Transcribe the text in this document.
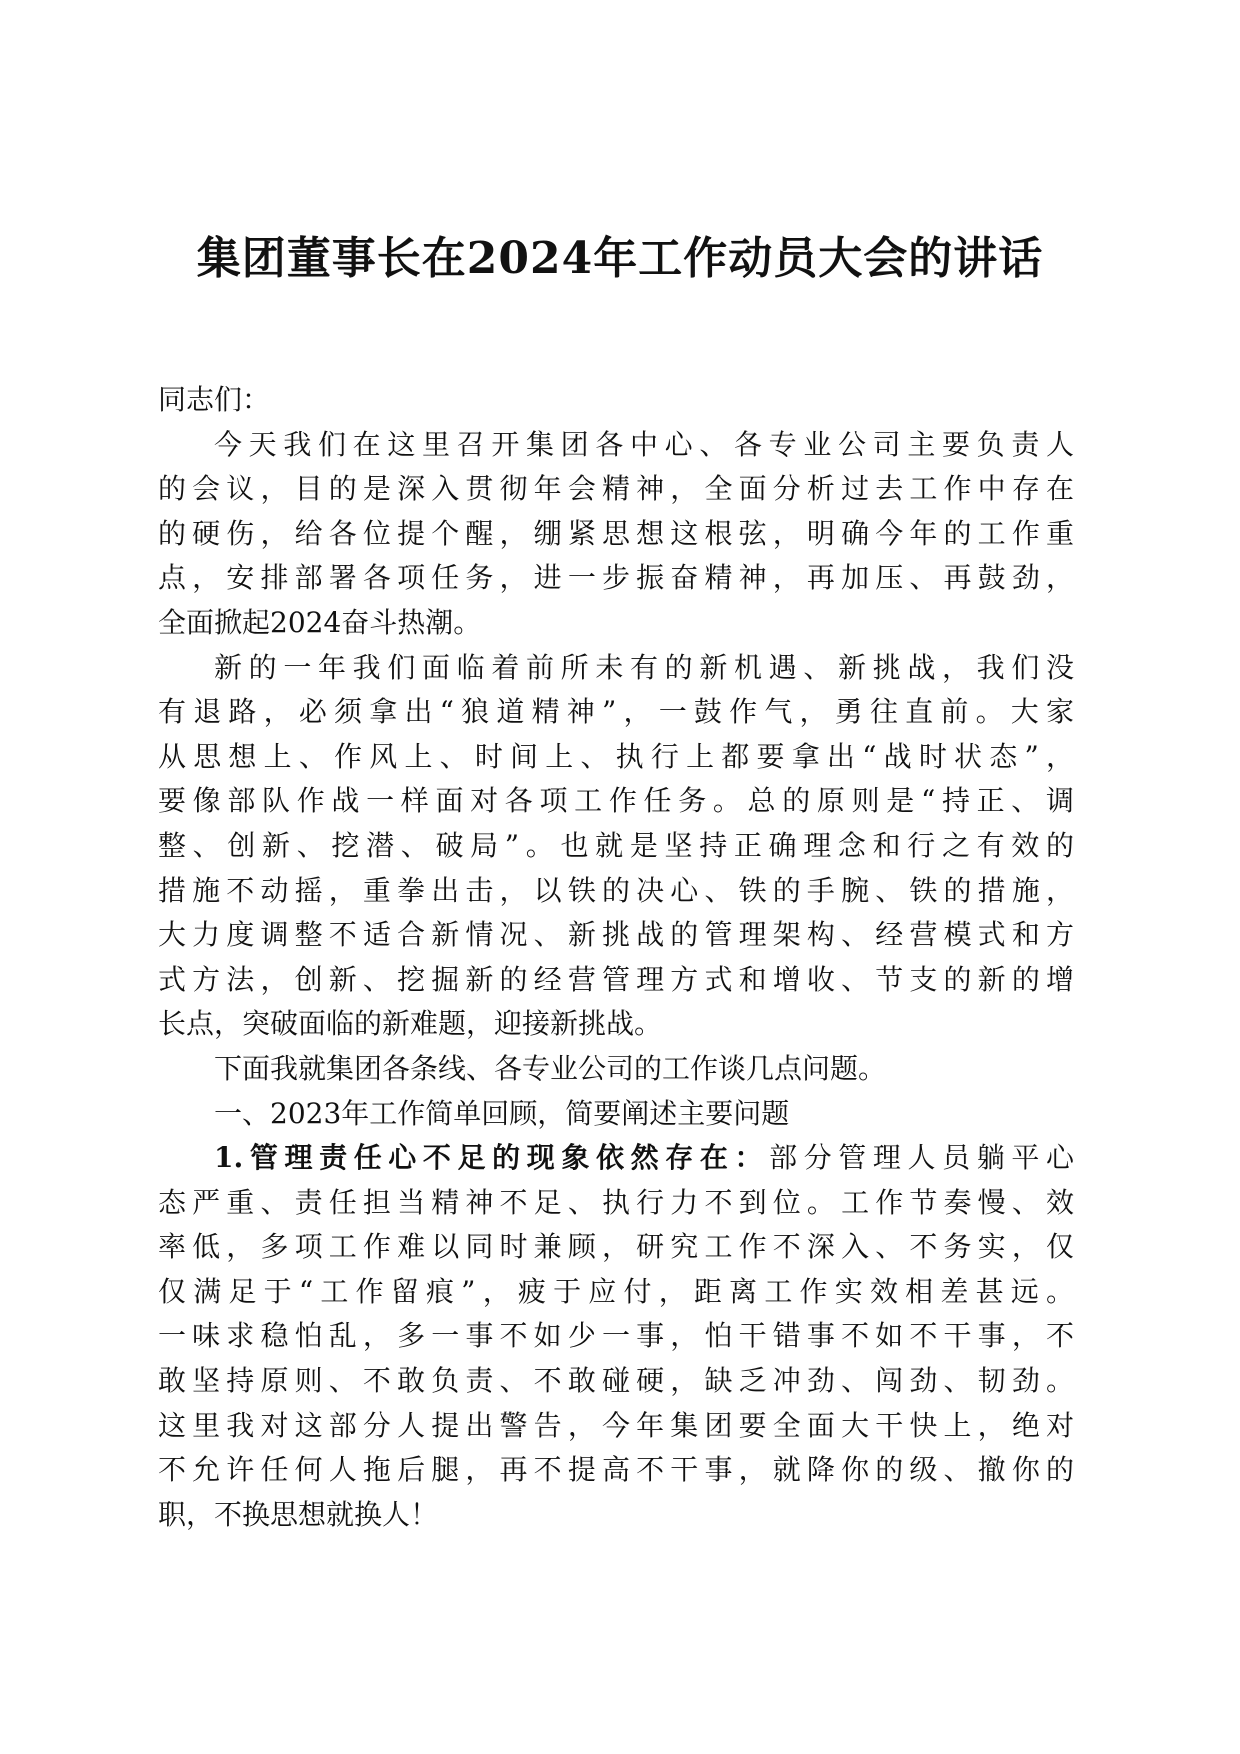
集团董事长在2024年工作动员大会的讲话
同志们：
今天我们在这里召开集团各中心、各专业公司主要负责人
的会议，目的是深入贯彻年会精神，全面分析过去工作中存在
的硬伤，给各位提个醒，绷紧思想这根弦，明确今年的工作重
点，安排部署各项任务，进一步振奋精神，再加压、再鼓劲，
全面掀起2024奋斗热潮。
新的一年我们面临着前所未有的新机遇、新挑战，我们没
有退路，必须拿出“狼道精神”，一鼓作气，勇往直前。大家
从思想上、作风上、时间上、执行上都要拿出“战时状态”，
要像部队作战一样面对各项工作任务。总的原则是“持正、调
整、创新、挖潜、破局”。也就是坚持正确理念和行之有效的
措施不动摇，重拳出击，以铁的决心、铁的手腕、铁的措施，
大力度调整不适合新情况、新挑战的管理架构、经营模式和方
式方法，创新、挖掘新的经营管理方式和增收、节支的新的增
长点，突破面临的新难题，迎接新挑战。
下面我就集团各条线、各专业公司的工作谈几点问题。
一、2023年工作简单回顾，简要阐述主要问题
1.管理责任心不足的现象依然存在：部分管理人员躺平心
态严重、责任担当精神不足、执行力不到位。工作节奏慢、效
率低，多项工作难以同时兼顾，研究工作不深入、不务实，仅
仅满足于“工作留痕”，疲于应付，距离工作实效相差甚远。
一味求稳怕乱，多一事不如少一事，怕干错事不如不干事，不
敢坚持原则、不敢负责、不敢碰硬，缺乏冲劲、闯劲、韧劲。
这里我对这部分人提出警告，今年集团要全面大干快上，绝对
不允许任何人拖后腿，再不提高不干事，就降你的级、撤你的
职，不换思想就换人！
